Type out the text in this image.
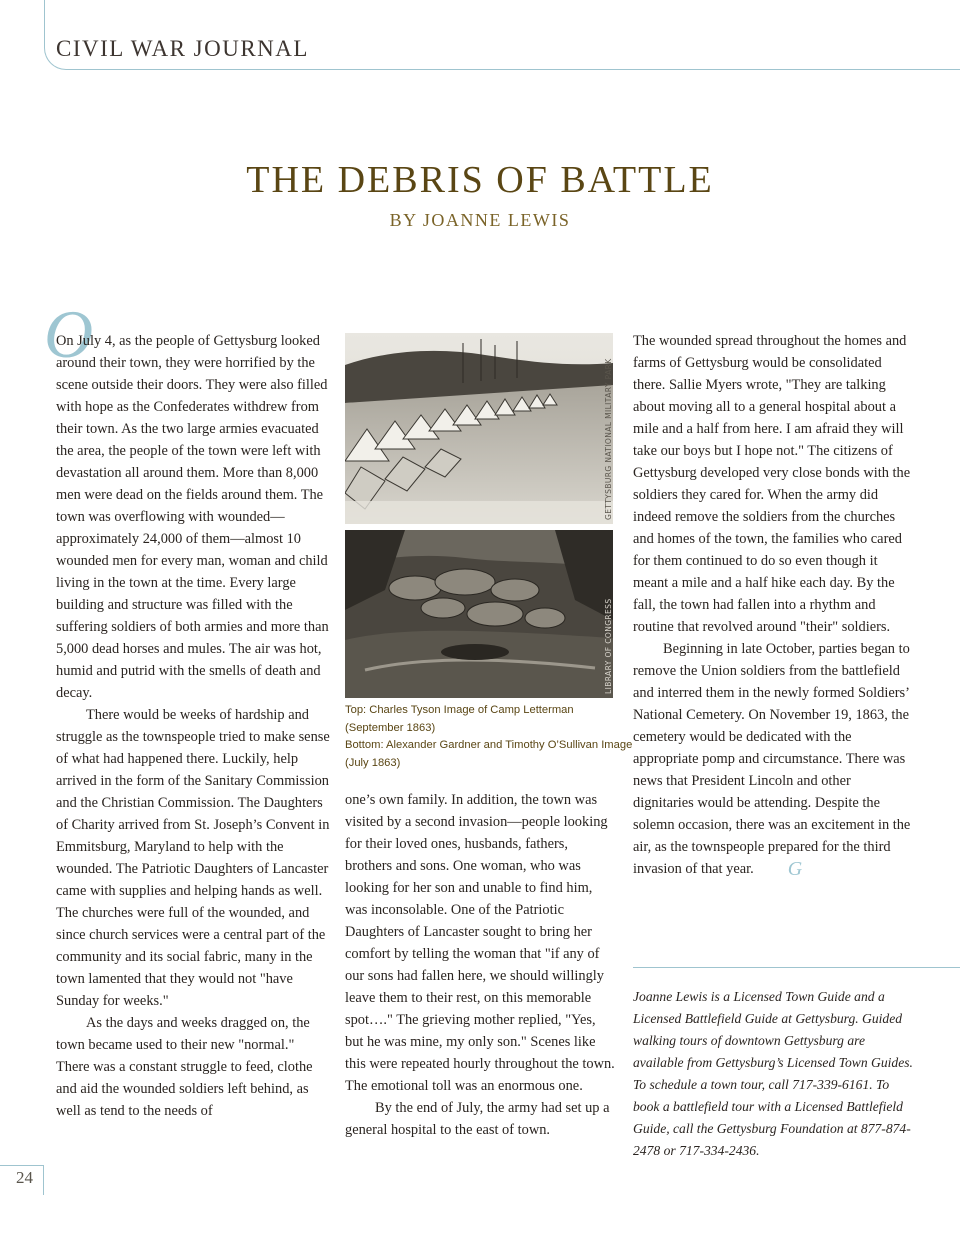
CIVIL WAR JOURNAL
THE DEBRIS OF BATTLE
BY JOANNE LEWIS
O

On July 4, as the people of Gettysburg looked around their town, they were horrified by the scene outside their doors. They were also filled with hope as the Confederates withdrew from their town. As the two large armies evacuated the area, the people of the town were left with devastation all around them. More than 8,000 men were dead on the fields around them. The town was overflowing with wounded—approximately 24,000 of them—almost 10 wounded men for every man, woman and child living in the town at the time. Every large building and structure was filled with the suffering soldiers of both armies and more than 5,000 dead horses and mules. The air was hot, humid and putrid with the smells of death and decay.

There would be weeks of hardship and struggle as the townspeople tried to make sense of what had happened there. Luckily, help arrived in the form of the Sanitary Commission and the Christian Commission. The Daughters of Charity arrived from St. Joseph’s Convent in Emmitsburg, Maryland to help with the wounded. The Patriotic Daughters of Lancaster came with supplies and helping hands as well. The churches were full of the wounded, and since church services were a central part of the community and its social fabric, many in the town lamented that they would not "have Sunday for weeks."

As the days and weeks dragged on, the town became used to their new "normal." There was a constant struggle to feed, clothe and aid the wounded soldiers left behind, as well as tend to the needs of

GETTYSBURG NATIONAL MILITARY PARK
LIBRARY OF CONGRESS
Top: Charles Tyson Image of Camp Letterman
(September 1863)
Bottom: Alexander Gardner and Timothy O’Sullivan Image
(July 1863)

one’s own family. In addition, the town was visited by a second invasion—people looking for their loved ones, husbands, fathers, brothers and sons. One woman, who was looking for her son and unable to find him, was inconsolable. One of the Patriotic Daughters of Lancaster sought to bring her comfort by telling the woman that "if any of our sons had fallen here, we should willingly leave them to their rest, on this memorable spot…." The grieving mother replied, "Yes, but he was mine, my only son." Scenes like this were repeated hourly throughout the town. The emotional toll was an enormous one.

By the end of July, the army had set up a general hospital to the east of town.

The wounded spread throughout the homes and farms of Gettysburg would be consolidated there. Sallie Myers wrote, "They are talking about moving all to a general hospital about a mile and a half from here. I am afraid they will take our boys but I hope not." The citizens of Gettysburg developed very close bonds with the soldiers they cared for. When the army did indeed remove the soldiers from the churches and homes of the town, the families who cared for them continued to do so even though it meant a mile and a half hike each day. By the fall, the town had fallen into a rhythm and routine that revolved around "their" soldiers.

Beginning in late October, parties began to remove the Union soldiers from the battlefield and interred them in the newly formed Soldiers’ National Cemetery. On November 19, 1863, the cemetery would be dedicated with the appropriate pomp and circumstance. There was news that President Lincoln and other dignitaries would be attending. Despite the solemn occasion, there was an excitement in the air, as the townspeople prepared for the third invasion of that year. G

Joanne Lewis is a Licensed Town Guide and a Licensed Battlefield Guide at Gettysburg. Guided walking tours of downtown Gettysburg are available from Gettysburg’s Licensed Town Guides. To schedule a town tour, call 717-339-6161. To book a battlefield tour with a Licensed Battlefield Guide, call the Gettysburg Foundation at 877-874-2478 or 717-334-2436.
24
